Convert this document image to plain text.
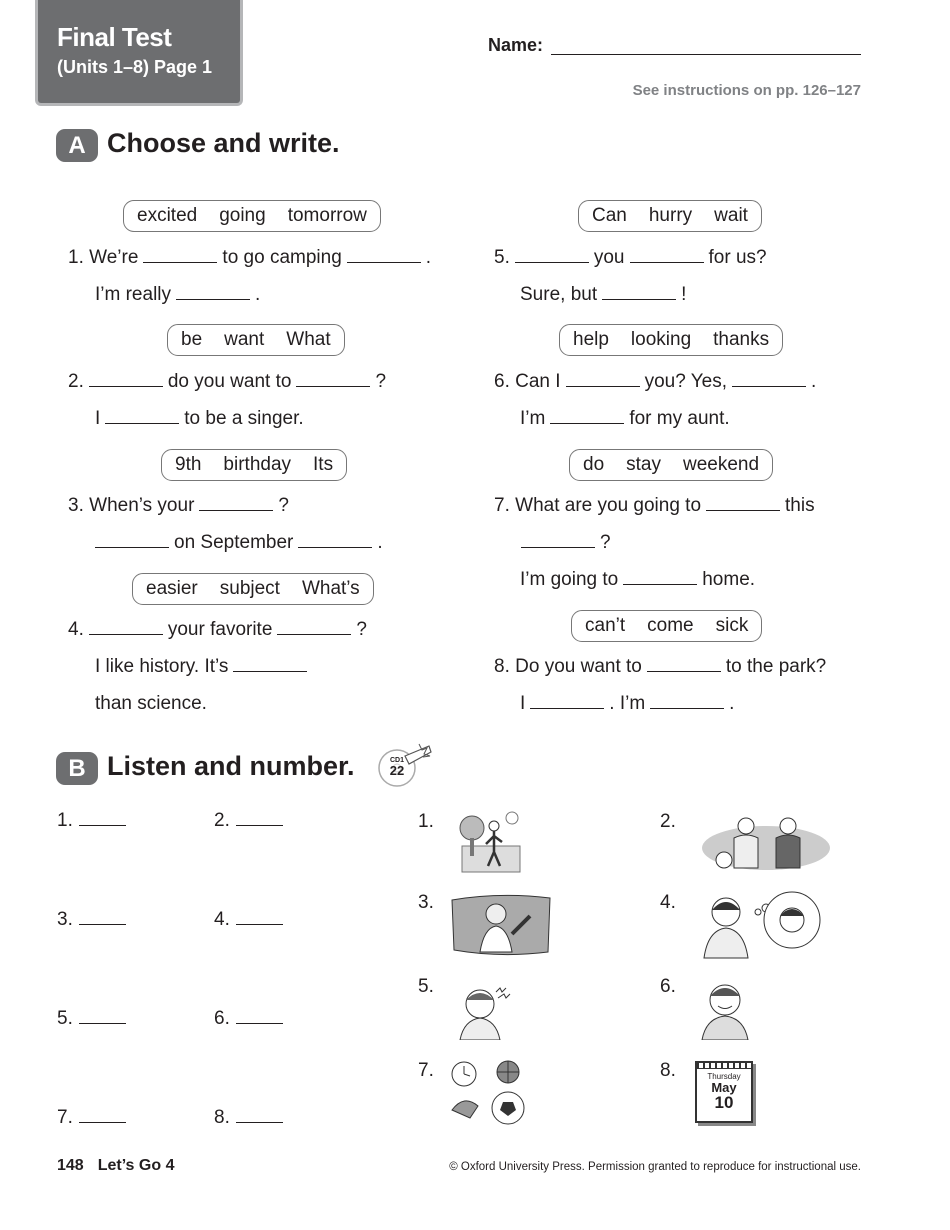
Final Test
(Units 1–8) Page 1
Name:
See instructions on pp. 126–127
A Choose and write.
excited going tomorrow
1. We’re	to go camping	.
I’m really	.
be want What
2.	do you want to	?
I	to be a singer.
9th birthday Its
3. When’s your	?
on September	.
easier subject What’s
4.	your favorite	?
I like history. It’s
than science.
Can hurry wait
5.	you	for us?
Sure, but	!
help looking thanks
6. Can I	you? Yes,	.
I’m	for my aunt.
do stay weekend
7. What are you going to	this
?
I’m going to	home.
can’t come sick
8. Do you want to	to the park?
I	. I’m	.
B Listen and number.	CD1
22
1.	2.
3.	4.
5.	6.
7.	8.
1.	2.
3.	4.
5.	6.
7.	8.	Thursday
May
10
148 Let’s Go 4	© Oxford University Press. Permission granted to reproduce for instructional use.
